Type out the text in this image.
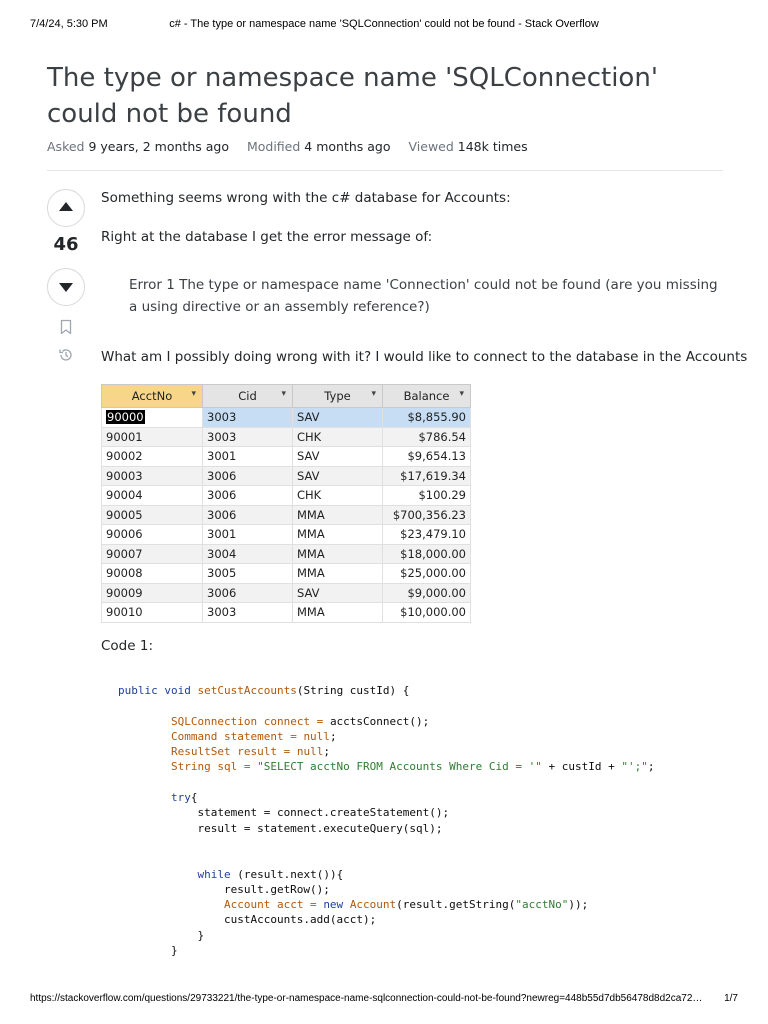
7/4/24, 5:30 PM	c# - The type or namespace name 'SQLConnection' could not be found - Stack Overflow
The type or namespace name 'SQLConnection' could not be found
Asked 9 years, 2 months ago Modified 4 months ago Viewed 148k times
46

Something seems wrong with the c# database for Accounts:

Right at the database I get the error message of:

Error 1 The type or namespace name 'Connection' could not be found (are you missing a using directive or an assembly reference?)

What am I possibly doing wrong with it? I would like to connect to the database in the Accounts

AcctNo ▾	Cid ▾	Type ▾	Balance ▾

90000	3003	SAV	$8,855.90
90001	3003	CHK	$786.54
90002	3001	SAV	$9,654.13
90003	3006	SAV	$17,619.34
90004	3006	CHK	$100.29
90005	3006	MMA	$700,356.23
90006	3001	MMA	$23,479.10
90007	3004	MMA	$18,000.00
90008	3005	MMA	$25,000.00
90009	3006	SAV	$9,000.00
90010	3003	MMA	$10,000.00

Code 1:

public void setCustAccounts(String custId) {

SQLConnection connect = acctsConnect();
Command statement = null;
ResultSet result = null;
String sql = "SELECT acctNo FROM Accounts Where Cid = '" + custId + "';";

try{
statement = connect.createStatement();
result = statement.executeQuery(sql);

while (result.next()){
result.getRow();
Account acct = new Account(result.getString("acctNo"));
custAccounts.add(acct);
}
}
https://stackoverflow.com/questions/29733221/the-type-or-namespace-name-sqlconnection-could-not-be-found?newreg=448b55d7db56478d8d2ca72…	1/7
